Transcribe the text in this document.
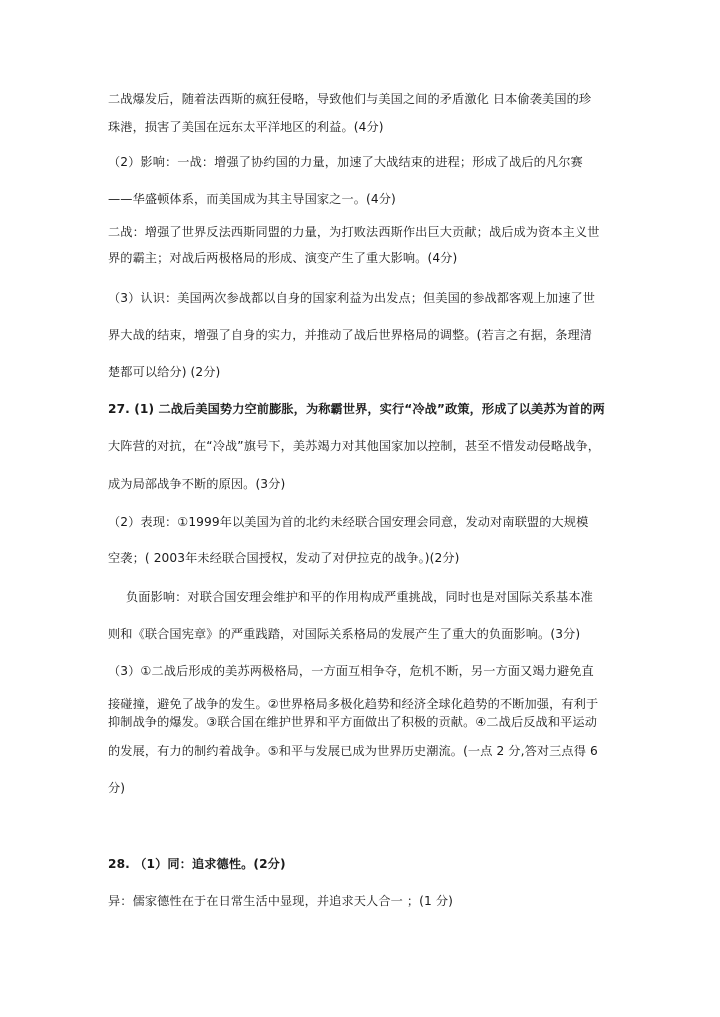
二战爆发后，随着法西斯的疯狂侵略，导致他们与美国之间的矛盾激化 日本偷袭美国的珍
珠港，损害了美国在远东太平洋地区的利益。(4分)
（2）影响：一战：增强了协约国的力量，加速了大战结束的进程；形成了战后的凡尔赛
——华盛顿体系，而美国成为其主导国家之一。(4分)
二战：增强了世界反法西斯同盟的力量，为打败法西斯作出巨大贡献；战后成为资本主义世
界的霸主；对战后两极格局的形成、演变产生了重大影响。(4分)
（3）认识：美国两次参战都以自身的国家利益为出发点；但美国的参战都客观上加速了世
界大战的结束，增强了自身的实力，并推动了战后世界格局的调整。(若言之有据，条理清
楚都可以给分) (2分)
27. (1) 二战后美国势力空前膨胀，为称霸世界，实行“冷战”政策，形成了以美苏为首的两
大阵营的对抗，在“冷战”旗号下，美苏竭力对其他国家加以控制，甚至不惜发动侵略战争，
成为局部战争不断的原因。(3分)
（2）表现：①1999年以美国为首的北约未经联合国安理会同意，发动对南联盟的大规模
空袭；( 2003年未经联合国授权，发动了对伊拉克的战争。)(2分)
负面影响：对联合国安理会维护和平的作用构成严重挑战，同时也是对国际关系基本准
则和《联合国宪章》的严重践踏，对国际关系格局的发展产生了重大的负面影响。(3分)
（3）①二战后形成的美苏两极格局，一方面互相争夺，危机不断，另一方面又竭力避免直
接碰撞，避免了战争的发生。②世界格局多极化趋势和经济全球化趋势的不断加强，有利于
抑制战争的爆发。③联合国在维护世界和平方面做出了积极的贡献。④二战后反战和平运动
的发展，有力的制约着战争。⑤和平与发展已成为世界历史潮流。(一点 2 分,答对三点得 6
分)
28. （1）同：追求德性。(2分)
异：儒家德性在于在日常生活中显现，并追求天人合一 ；(1 分)
